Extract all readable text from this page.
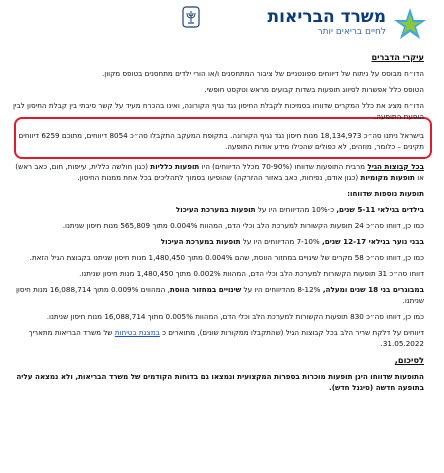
משרד הבריאות
לחיים בריאים יותר

עיקרי הדברים

הדו״ח מבוסס על ניתוח של דיווחים ספונטניים של ציבור המתחסנים ו/או הורי ילדים מתחסנים בטופס מקוון.

הטופס כלל אפשרות לסיווג תופעות בשדות קבועים מראש וטקסט חופשי.

הדו״ח מציג את כלל המקרים שדווחו בסמיכות לקבלת החיסון נגד נגיף הקורונה, ואינו בהכרח מעיד על קשר סיבתי בין קבלת החיסון לבין הופעת התופעה.

בישראל ניתנו סה״כ 18,134,973 מנות חיסון נגד נגיף הקורונה. בתקופת המעקב התקבלו סה״כ 8054 דיווחים, מתוכם 6259 דיווחים תקינים – כלומר, מוזהים, לא כפולים שהכילו מידע אודות התופעה.

בכל קבוצות הגיל מרבית התופעות שדווחו (70-90% מכלל הדיווחים) היו תופעות כלליות (כגון חולשה כללית, עייפות, חום, כאב ראש) או תופעות מקומיות (כגון אודם, נפיחות, כאב באזור ההזרקה) שהופיעו בסמוך לתהליכים בכל אחת ממנות החיסון.

תופעות נוספות שדווחו:

בילדים בגילאי 5-11 שנים, כ-10% מהדיווחים היו על תופעות במערכת העיכול

כמו כן, דווחו סה״כ 24 תופעות הקשורות למערכת הלב וכלי הדם, המהוות 0.004% מתוך 565,809 מנות חיסון שניתנו.

בבני נוער בגילאי 12-17 שנים, 7-10% מהדיווחים היו על תופעות במערכת העיכול

כמו כן, דווחו סה״כ 58 מקרים של שינויים במחזור הווסת, שהם 0.004% מתוך 1,480,450 מנות חיסון שניתנו בקבוצת הגיל הזאת.

דווחו סה״כ 31 תופעות הקשורות למערכת הלב וכלי הדם, המהוות 0.002% מתוך 1,480,450 מנות חיסון שניתנו.

במבוגרים בני 18 שנים ומעלה, 8-12% מהדיווחים היו על שינויים במחזור הווסת, המהווים 0.009% מתוך 16,088,714 מנות חיסון שניתנו.

כמו כן, דווחו סה״כ 830 תופעות הקשורות למערכת הלב וכלי הדם, המהוות 0.005% מתוך 16,088,714 מנות חיסון שניתנו.

דיווחים על דלקת שריר הלב בכל קבוצות הגיל (שהתקבלו ממקורות שונים), מתוארים כ במצגת בטיחות של משרד הבריאות מתאריך 31.05.2022.

לסיכום,

התופעות שדווחו הינן תופעות מוכרות בספרות המקצועית ונמצאו גם בדוחות הקודמים של משרד הבריאות, ולא נמצאה עליה בתופעה חדשה (סיגנל חדש).
